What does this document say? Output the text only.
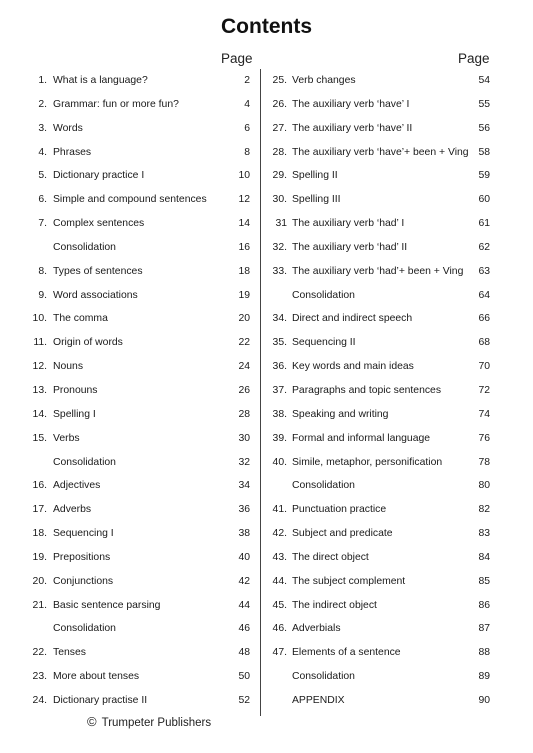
Contents
Page	Page
1. What is a language?	2
2. Grammar: fun or more fun?	4
3. Words	6
4. Phrases	8
5. Dictionary practice I	10
6. Simple and compound sentences	12
7. Complex sentences	14
Consolidation	16
8. Types of sentences	18
9. Word associations	19
10. The comma	20
11. Origin of words	22
12. Nouns	24
13. Pronouns	26
14. Spelling I	28
15. Verbs	30
Consolidation	32
16. Adjectives	34
17. Adverbs	36
18. Sequencing I	38
19. Prepositions	40
20. Conjunctions	42
21. Basic sentence parsing	44
Consolidation	46
22. Tenses	48
23. More about tenses	50
24. Dictionary practise II	52
25. Verb changes	54
26. The auxiliary verb ‘have’ I	55
27. The auxiliary verb ‘have’ II	56
28. The auxiliary verb ‘have’+ been + Ving 58
29. Spelling II	59
30. Spelling III	60
31 The auxiliary verb ‘had’ I	61
32. The auxiliary verb ‘had’ II	62
33. The auxiliary verb ‘had’+ been + Ving 63
Consolidation	64
34. Direct and indirect speech	66
35. Sequencing II	68
36. Key words and main ideas	70
37. Paragraphs and topic sentences	72
38. Speaking and writing	74
39. Formal and informal language	76
40. Simile, metaphor, personification	78
Consolidation	80
41. Punctuation practice	82
42. Subject and predicate	83
43. The direct object	84
44. The subject complement	85
45. The indirect object	86
46. Adverbials	87
47. Elements of a sentence	88
Consolidation	89
APPENDIX	90
© Trumpeter Publishers
